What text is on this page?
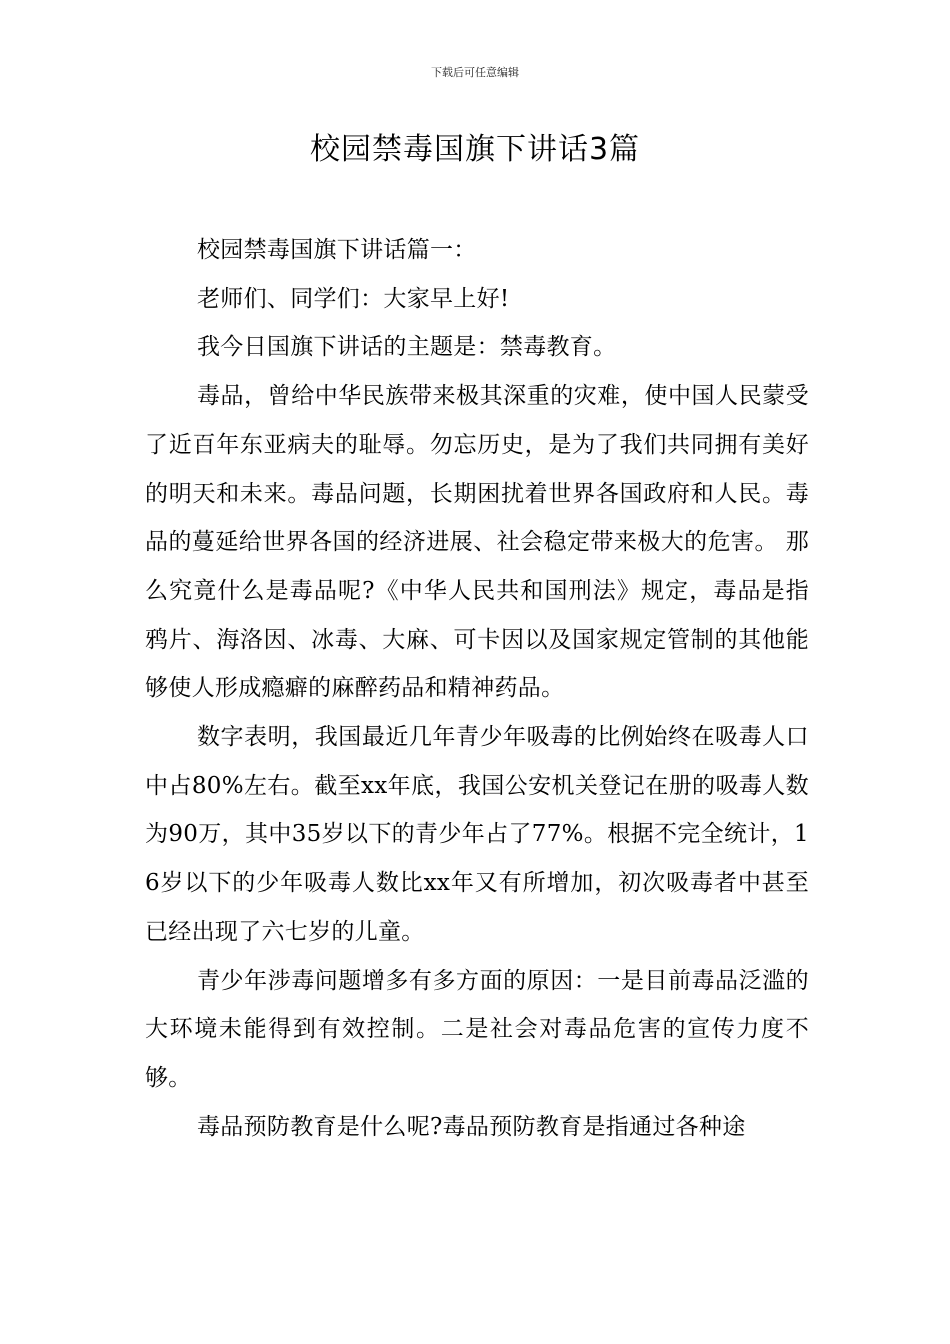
下载后可任意编辑
校园禁毒国旗下讲话3篇

校园禁毒国旗下讲话篇一：

老师们、同学们：大家早上好!

我今日国旗下讲话的主题是：禁毒教育。

毒品，曾给中华民族带来极其深重的灾难，使中国人民蒙受了近百年东亚病夫的耻辱。勿忘历史，是为了我们共同拥有美好的明天和未来。毒品问题，长期困扰着世界各国政府和人民。毒品的蔓延给世界各国的经济进展、社会稳定带来极大的危害。 那么究竟什么是毒品呢?《中华人民共和国刑法》规定，毒品是指鸦片、海洛因、冰毒、大麻、可卡因以及国家规定管制的其他能够使人形成瘾癖的麻醉药品和精神药品。

数字表明，我国最近几年青少年吸毒的比例始终在吸毒人口中占80%左右。截至xx年底，我国公安机关登记在册的吸毒人数为90万，其中35岁以下的青少年占了77%。根据不完全统计，16岁以下的少年吸毒人数比xx年又有所增加，初次吸毒者中甚至已经出现了六七岁的儿童。

青少年涉毒问题增多有多方面的原因：一是目前毒品泛滥的大环境未能得到有效控制。二是社会对毒品危害的宣传力度不够。

毒品预防教育是什么呢?毒品预防教育是指通过各种途
